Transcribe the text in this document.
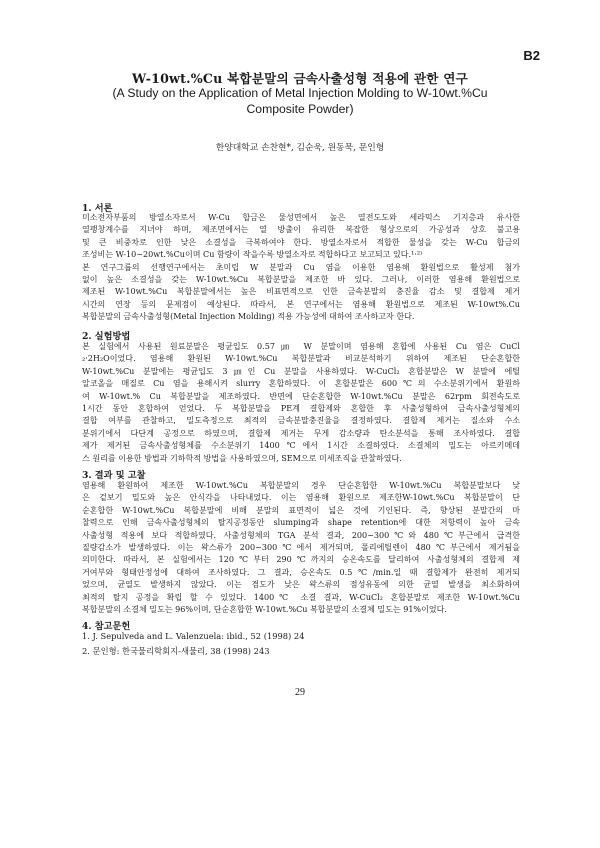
B2
W-10wt.%Cu 복합분말의 금속사출성형 적용에 관한 연구
(A Study on the Application of Metal Injection Molding to W-10wt.%Cu
Composite Powder)
한양대학교 손찬현*, 김순욱, 원동묵, 문인형
1. 서론
미소전자부품의 방열소자로서 W-Cu 합금은 물성면에서 높은 열전도도와 세라믹스 기지층과 유사한
열팽창계수를 지녀야 하며, 제조면에서는 열 방출이 유리한 복잡한 형상으로의 가공성과 상호 불고용
및 큰 비중차로 인한 낮은 소결성을 극복하여야 한다. 방열소자로서 적합한 물성을 갖는 W-Cu 합금의
조성비는 W-10~20wt.%Cu이며 Cu 함량이 작을수록 방열소자로 적합하다고 보고되고 있다.¹·²⁾
본 연구그룹의 선행연구에서는 초미립 W 분말과 Cu 염을 이용한 염용해 환원법으로 활성제 첨가
없이 높은 소결성을 갖는 W-10wt.%Cu 복합분말을 제조한 바 있다. 그러나, 이러한 염용해 환원법으로
제조된 W-10wt.%Cu 복합분말에서는 높은 비표면적으로 인한 금속분말의 충진율 감소 및 결합제 제거
시간의 연장 등의 문제점이 예상된다. 따라서, 본 연구에서는 염용해 환원법으로 제조된 W-10wt%.Cu
복합분말의 금속사출성형(Metal Injection Molding) 적용 가능성에 대하여 조사하고자 한다.
2. 실험방법
본 실험에서 사용된 원료분말은 평균입도 0.57㎛ W 분말이며 염용해 혼합에 사용된 Cu 염은 CuCl
₂·2H₂O이었다. 염용해 환원된 W-10wt.%Cu 복합분말과 비교분석하기 위하여 제조된 단순혼합한
W-10wt.%Cu 분말에는 평균입도 3㎛인 Cu 분말을 사용하였다. W-CuCl₂ 혼합분말은 W 분말에 에틸
알코올을 매질로 Cu 염을 용해시켜 slurry 혼합하였다. 이 혼합분말은 600℃의 수소분위기에서 환원하
여 W-10wt.% Cu 복합분말을 제조하였다. 반면에 단순혼합한 W-10wt.%Cu 분말은 62rpm 회전속도로
1시간 동안 혼합하여 얻었다. 두 복합분말을 PE계 결합제와 혼합한 후 사출성형하여 금속사출성형체의
결합 여부를 관찰하고, 밀도측정으로 최적의 금속분말충진율을 결정하였다. 결합제 제거는 질소와 수소
분위기에서 다단계 공정으로 하였으며, 결합제 제거는 무게 감소량과 탄소분석을 통해 조사하였다. 결합
제가 제거된 금속사출성형체를 수소분위기 1400℃에서 1시간 소결하였다. 소결체의 밀도는 아르키메데
스 원리를 이용한 방법과 기하학적 방법을 사용하였으며, SEM으로 미세조직을 관찰하였다.
3. 결과 및 고찰
염용해 환원하여 제조한 W-10wt.%Cu 복합분말의 경우 단순혼합한 W-10wt.%Cu 복합분말보다 낮
은 겉보기 밀도와 높은 안식각을 나타내었다. 이는 염용해 환원으로 제조한W-10wt.%Cu 복합분말이 단
순혼합한 W-10wt.%Cu 복합분말에 비해 분말의 표면적이 넓은 것에 기인된다. 즉, 향상된 분말간의 마
찰력으로 인해 금속사출성형체의 탈지공정동안 slumping과 shape retention에 대한 저항력이 높아 금속
사출성형 적용에 보다 적합하였다. 사출성형체의 TGA 분석 결과, 200~300℃와 480℃부근에서 급격한
질량감소가 발생하였다. 이는 왁스류가 200~300℃에서 제거되며, 폴리에틸렌이 480℃부근에서 제거됨을
의미한다. 따라서, 본 실험에서는 120℃부터 290℃까지의 승온속도를 달리하여 사출성형체의 결합제 제
거여부와 형태안정성에 대하여 조사하였다. 그 결과, 승온속도 0.5℃/min.일 때 결합제가 완전히 제거되
었으며, 균열도 발생하지 않았다. 이는 겸도가 낮은 왁스류의 점성유동에 의한 균열 발생을 최소화하여
최적의 탈지 공정을 확립 할 수 있었다. 1400℃ 소결 결과, W-CuCl₂ 혼합분말로 제조한 W-10wt.%Cu
복합분말의 소결체 밀도는 96%이며, 단순혼합한 W-10wt.%Cu 복합분말의 소결체 밀도는 91%이었다.
4. 참고문헌
1. J. Sepulveda and L. Valenzuela: ibid., 52 (1998) 24
2. 문인형: 한국물리학회지-새물리, 38 (1998) 243
29
